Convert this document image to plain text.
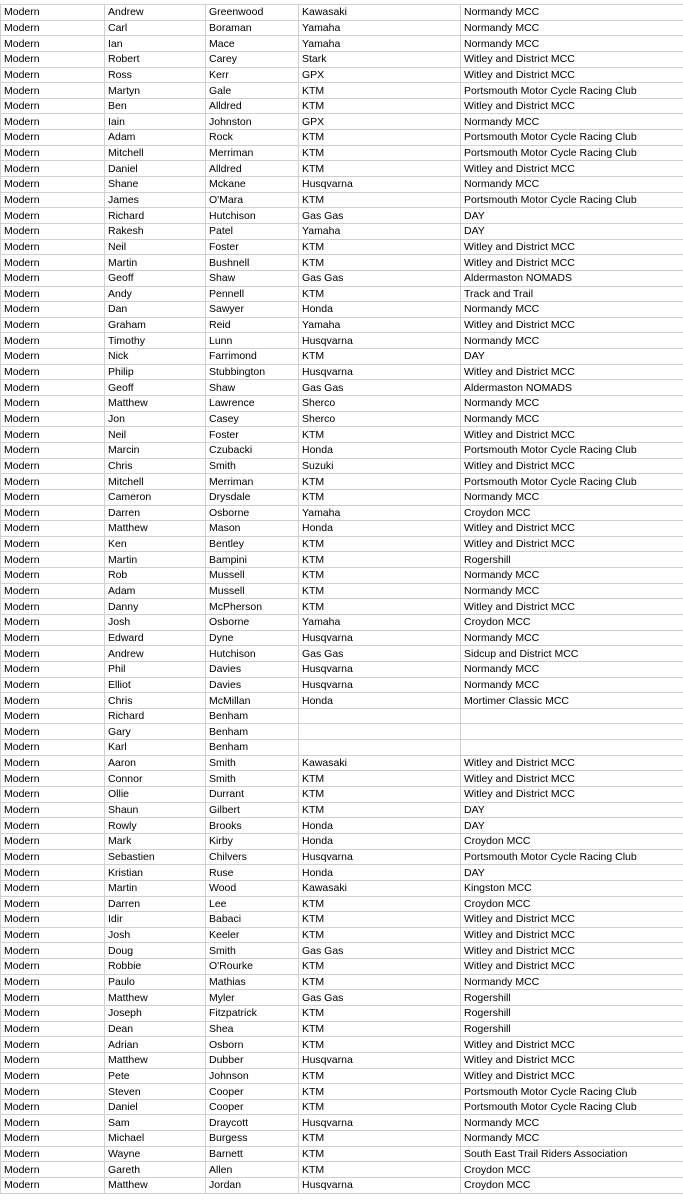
Modern	Andrew	Greenwood	Kawasaki	Normandy MCC
Modern	Carl	Boraman	Yamaha	Normandy MCC
Modern	Ian	Mace	Yamaha	Normandy MCC
Modern	Robert	Carey	Stark	Witley and District MCC
Modern	Ross	Kerr	GPX	Witley and District MCC
Modern	Martyn	Gale	KTM	Portsmouth Motor Cycle Racing Club
Modern	Ben	Alldred	KTM	Witley and District MCC
Modern	Iain	Johnston	GPX	Normandy MCC
Modern	Adam	Rock	KTM	Portsmouth Motor Cycle Racing Club
Modern	Mitchell	Merriman	KTM	Portsmouth Motor Cycle Racing Club
Modern	Daniel	Alldred	KTM	Witley and District MCC
Modern	Shane	Mckane	Husqvarna	Normandy MCC
Modern	James	O'Mara	KTM	Portsmouth Motor Cycle Racing Club
Modern	Richard	Hutchison	Gas Gas	DAY
Modern	Rakesh	Patel	Yamaha	DAY
Modern	Neil	Foster	KTM	Witley and District MCC
Modern	Martin	Bushnell	KTM	Witley and District MCC
Modern	Geoff	Shaw	Gas Gas	Aldermaston NOMADS
Modern	Andy	Pennell	KTM	Track and Trail
Modern	Dan	Sawyer	Honda	Normandy MCC
Modern	Graham	Reid	Yamaha	Witley and District MCC
Modern	Timothy	Lunn	Husqvarna	Normandy MCC
Modern	Nick	Farrimond	KTM	DAY
Modern	Philip	Stubbington	Husqvarna	Witley and District MCC
Modern	Geoff	Shaw	Gas Gas	Aldermaston NOMADS
Modern	Matthew	Lawrence	Sherco	Normandy MCC
Modern	Jon	Casey	Sherco	Normandy MCC
Modern	Neil	Foster	KTM	Witley and District MCC
Modern	Marcin	Czubacki	Honda	Portsmouth Motor Cycle Racing Club
Modern	Chris	Smith	Suzuki	Witley and District MCC
Modern	Mitchell	Merriman	KTM	Portsmouth Motor Cycle Racing Club
Modern	Cameron	Drysdale	KTM	Normandy MCC
Modern	Darren	Osborne	Yamaha	Croydon MCC
Modern	Matthew	Mason	Honda	Witley and District MCC
Modern	Ken	Bentley	KTM	Witley and District MCC
Modern	Martin	Bampini	KTM	Rogershill
Modern	Rob	Mussell	KTM	Normandy MCC
Modern	Adam	Mussell	KTM	Normandy MCC
Modern	Danny	McPherson	KTM	Witley and District MCC
Modern	Josh	Osborne	Yamaha	Croydon MCC
Modern	Edward	Dyne	Husqvarna	Normandy MCC
Modern	Andrew	Hutchison	Gas Gas	Sidcup and District MCC
Modern	Phil	Davies	Husqvarna	Normandy MCC
Modern	Elliot	Davies	Husqvarna	Normandy MCC
Modern	Chris	McMillan	Honda	Mortimer Classic MCC
Modern	Richard	Benham		
Modern	Gary	Benham		
Modern	Karl	Benham		
Modern	Aaron	Smith	Kawasaki	Witley and District MCC
Modern	Connor	Smith	KTM	Witley and District MCC
Modern	Ollie	Durrant	KTM	Witley and District MCC
Modern	Shaun	Gilbert	KTM	DAY
Modern	Rowly	Brooks	Honda	DAY
Modern	Mark	Kirby	Honda	Croydon MCC
Modern	Sebastien	Chilvers	Husqvarna	Portsmouth Motor Cycle Racing Club
Modern	Kristian	Ruse	Honda	DAY
Modern	Martin	Wood	Kawasaki	Kingston MCC
Modern	Darren	Lee	KTM	Croydon MCC
Modern	Idir	Babaci	KTM	Witley and District MCC
Modern	Josh	Keeler	KTM	Witley and District MCC
Modern	Doug	Smith	Gas Gas	Witley and District MCC
Modern	Robbie	O'Rourke	KTM	Witley and District MCC
Modern	Paulo	Mathias	KTM	Normandy MCC
Modern	Matthew	Myler	Gas Gas	Rogershill
Modern	Joseph	Fitzpatrick	KTM	Rogershill
Modern	Dean	Shea	KTM	Rogershill
Modern	Adrian	Osborn	KTM	Witley and District MCC
Modern	Matthew	Dubber	Husqvarna	Witley and District MCC
Modern	Pete	Johnson	KTM	Witley and District MCC
Modern	Steven	Cooper	KTM	Portsmouth Motor Cycle Racing Club
Modern	Daniel	Cooper	KTM	Portsmouth Motor Cycle Racing Club
Modern	Sam	Draycott	Husqvarna	Normandy MCC
Modern	Michael	Burgess	KTM	Normandy MCC
Modern	Wayne	Barnett	KTM	South East Trail Riders Association
Modern	Gareth	Allen	KTM	Croydon MCC
Modern	Matthew	Jordan	Husqvarna	Croydon MCC
